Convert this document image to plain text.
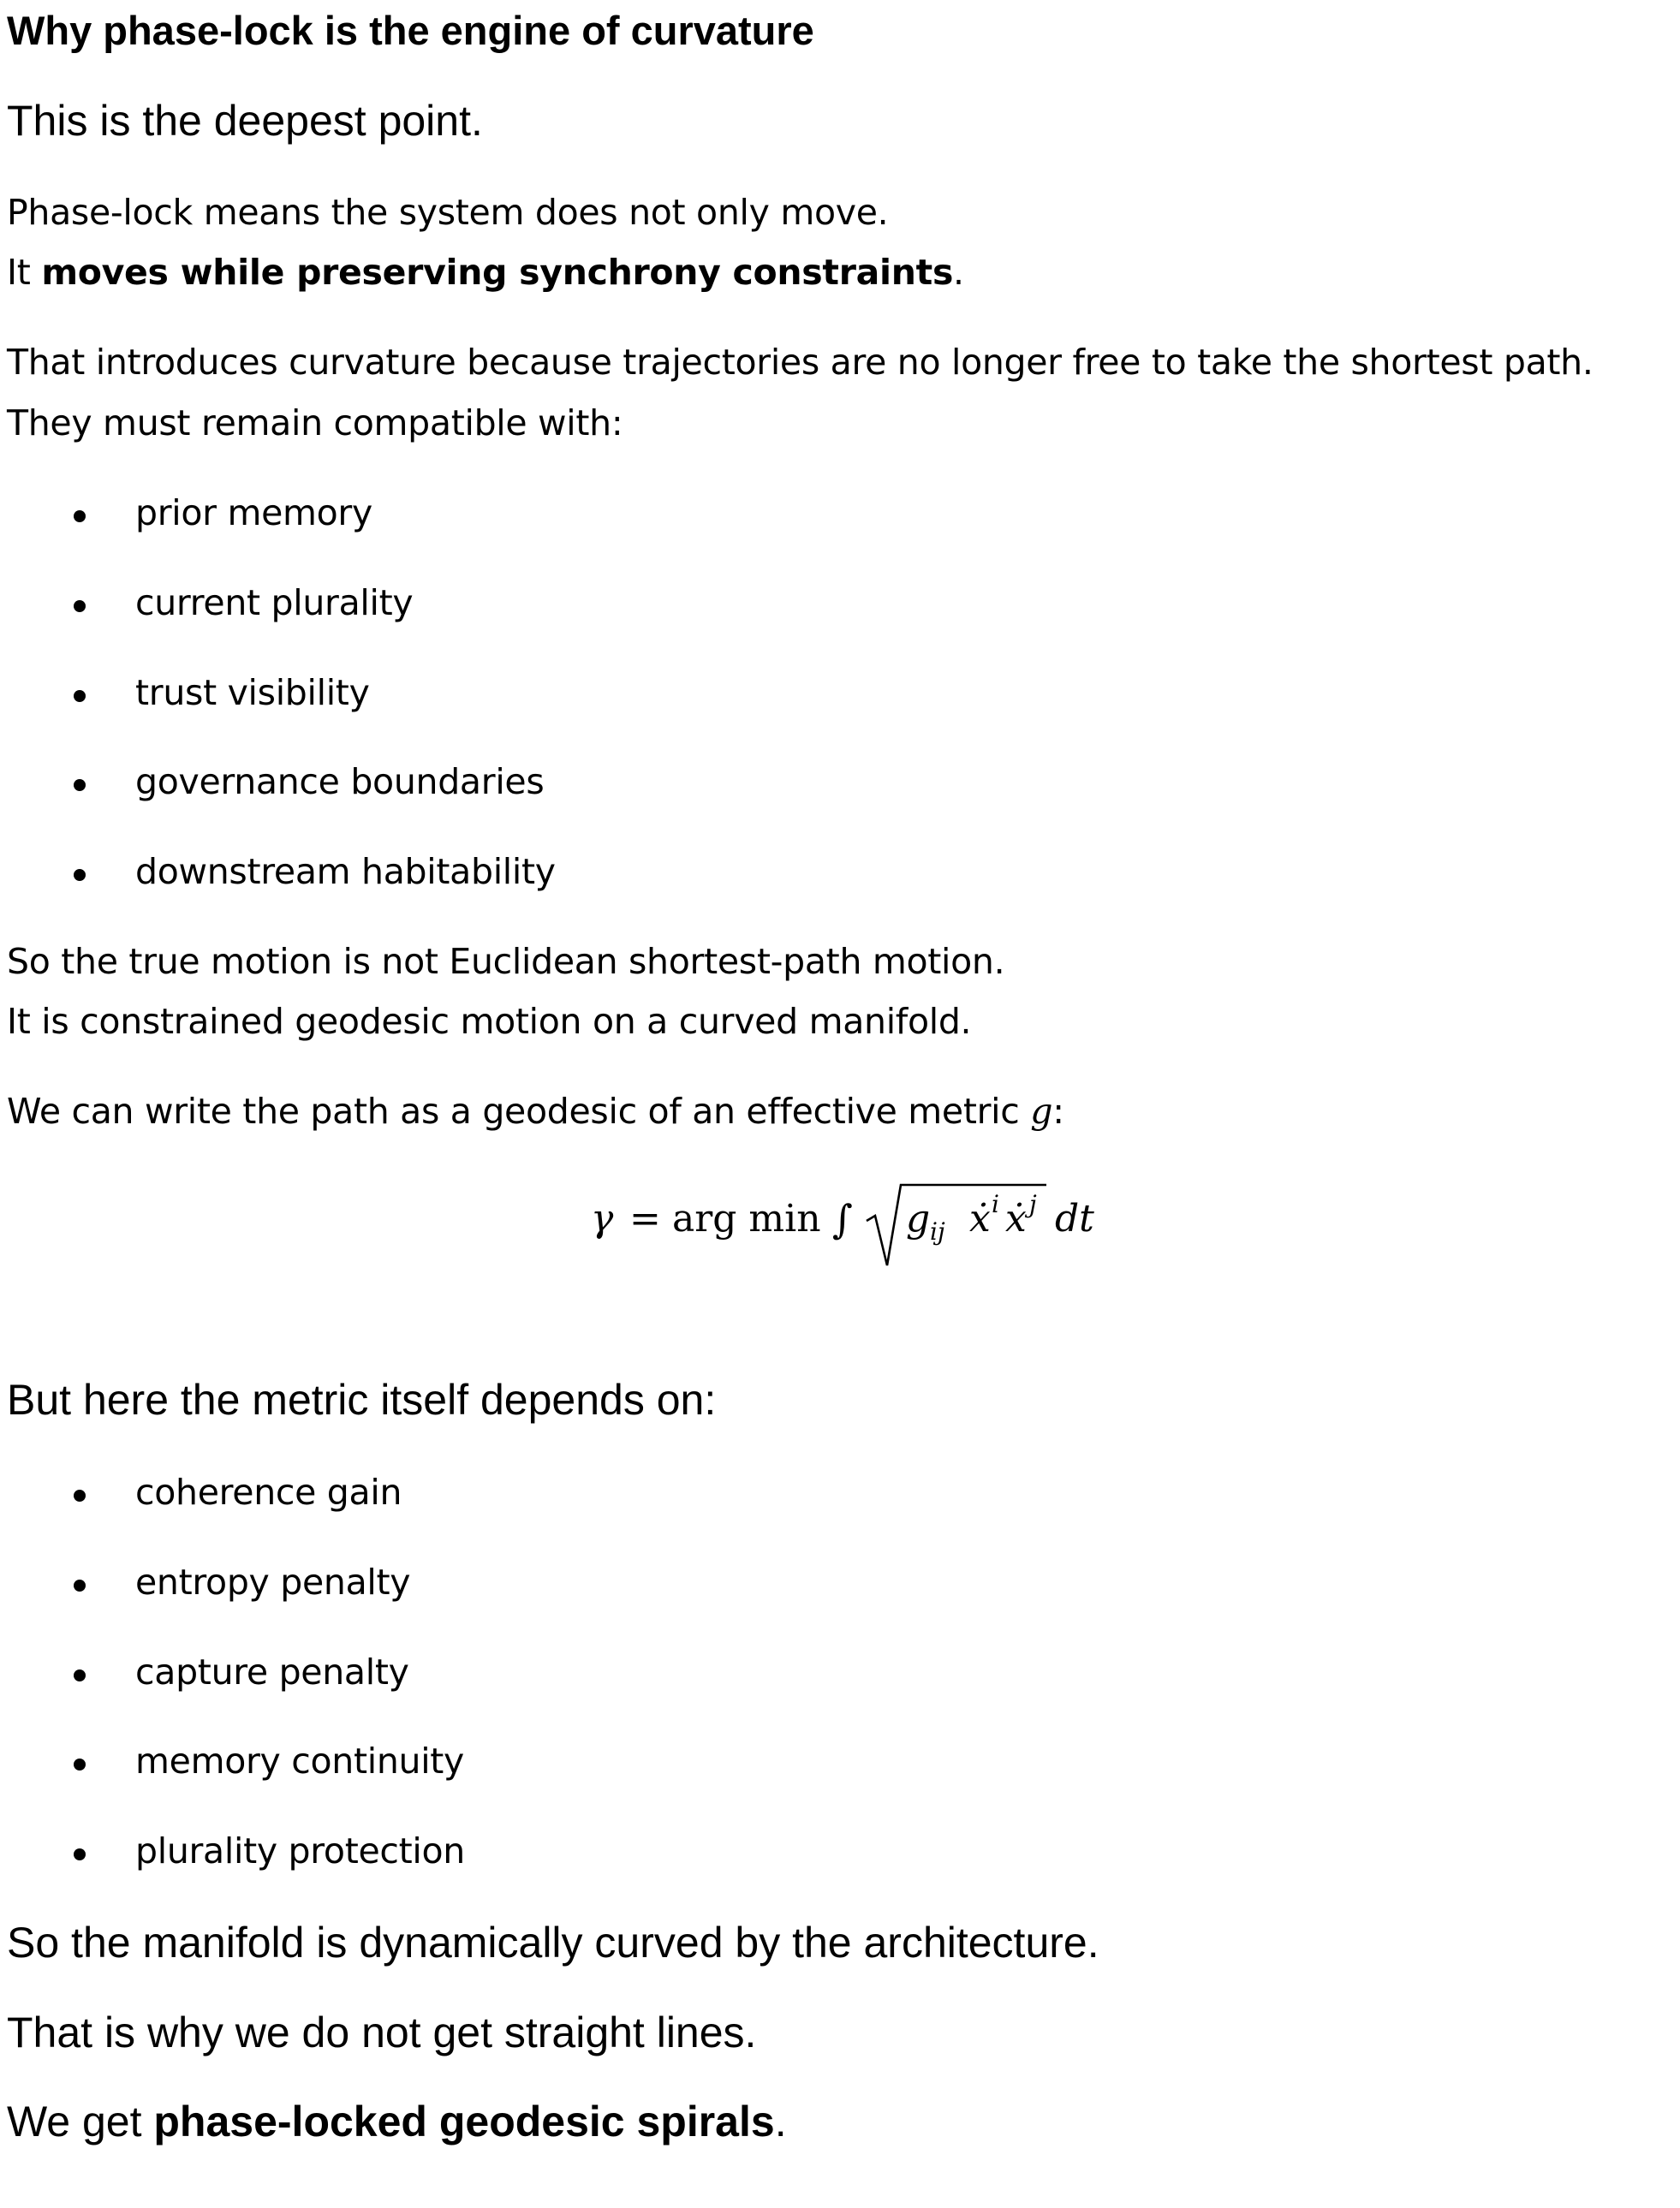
Why phase-lock is the engine of curvature
This is the deepest point.
Phase-lock means the system does not only move.
It moves while preserving synchrony constraints.
That introduces curvature because trajectories are no longer free to take the shortest path.
They must remain compatible with:
prior memory
current plurality
trust visibility
governance boundaries
downstream habitability
So the true motion is not Euclidean shortest-path motion.
It is constrained geodesic motion on a curved manifold.
We can write the path as a geodesic of an effective metric g:
γ = arg min ∫ g ij ẋ i ẋ j dt
But here the metric itself depends on:
coherence gain
entropy penalty
capture penalty
memory continuity
plurality protection
So the manifold is dynamically curved by the architecture.
That is why we do not get straight lines.
We get phase-locked geodesic spirals.
